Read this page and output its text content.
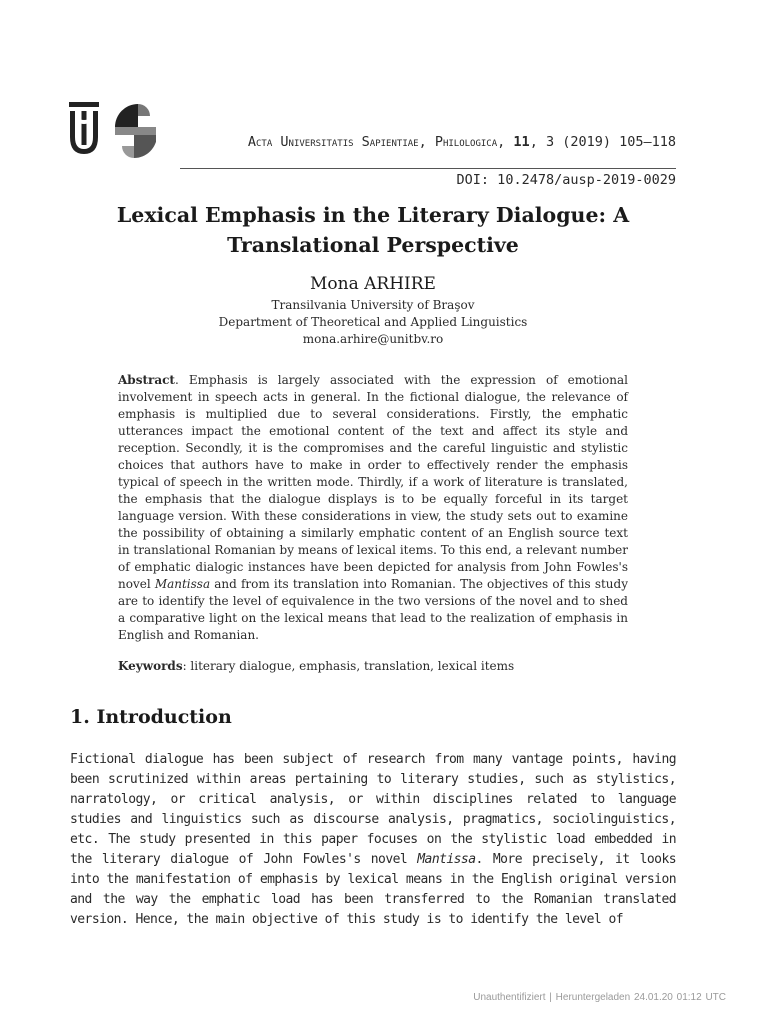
Acta Universitatis Sapientiae, Philologica, 11, 3 (2019) 105–118
DOI: 10.2478/ausp-2019-0029
Lexical Emphasis in the Literary Dialogue: A Translational Perspective
Mona ARHIRE
Transilvania University of Braşov
Department of Theoretical and Applied Linguistics
mona.arhire@unitbv.ro
Abstract. Emphasis is largely associated with the expression of emotional involvement in speech acts in general. In the fictional dialogue, the relevance of emphasis is multiplied due to several considerations. Firstly, the emphatic utterances impact the emotional content of the text and affect its style and reception. Secondly, it is the compromises and the careful linguistic and stylistic choices that authors have to make in order to effectively render the emphasis typical of speech in the written mode. Thirdly, if a work of literature is translated, the emphasis that the dialogue displays is to be equally forceful in its target language version. With these considerations in view, the study sets out to examine the possibility of obtaining a similarly emphatic content of an English source text in translational Romanian by means of lexical items. To this end, a relevant number of emphatic dialogic instances have been depicted for analysis from John Fowles's novel Mantissa and from its translation into Romanian. The objectives of this study are to identify the level of equivalence in the two versions of the novel and to shed a comparative light on the lexical means that lead to the realization of emphasis in English and Romanian.
Keywords: literary dialogue, emphasis, translation, lexical items
1. Introduction
Fictional dialogue has been subject of research from many vantage points, having been scrutinized within areas pertaining to literary studies, such as stylistics, narratology, or critical analysis, or within disciplines related to language studies and linguistics such as discourse analysis, pragmatics, sociolinguistics, etc. The study presented in this paper focuses on the stylistic load embedded in the literary dialogue of John Fowles's novel Mantissa. More precisely, it looks into the manifestation of emphasis by lexical means in the English original version and the way the emphatic load has been transferred to the Romanian translated version. Hence, the main objective of this study is to identify the level of
Unauthentifiziert | Heruntergeladen 24.01.20 01:12 UTC
